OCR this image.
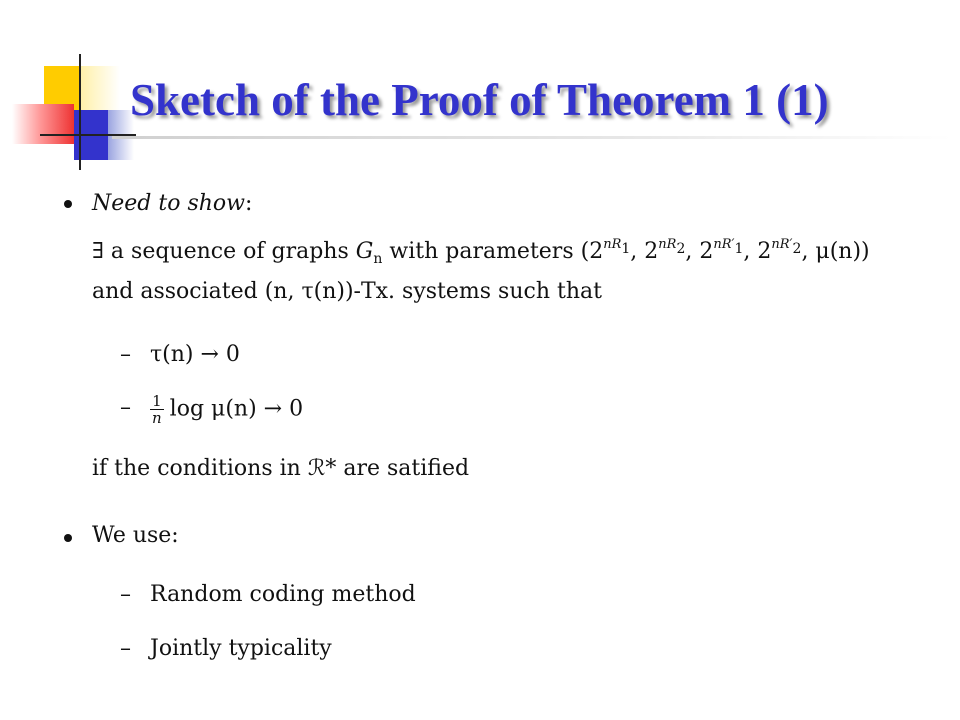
Sketch of the Proof of Theorem 1 (1)
Need to show:
∃ a sequence of graphs $G_n$ with parameters ($2^{nR_1}$, $2^{nR_2}$, $2^{nR'_1}$, $2^{nR'_2}$, μ(n))
and associated (n, τ(n))-Tx. systems such that
– τ(n) → 0
– $\frac{1}{n}$ log μ(n) → 0
if the conditions in ℛ* are satified
We use:
– Random coding method
– Jointly typicality
